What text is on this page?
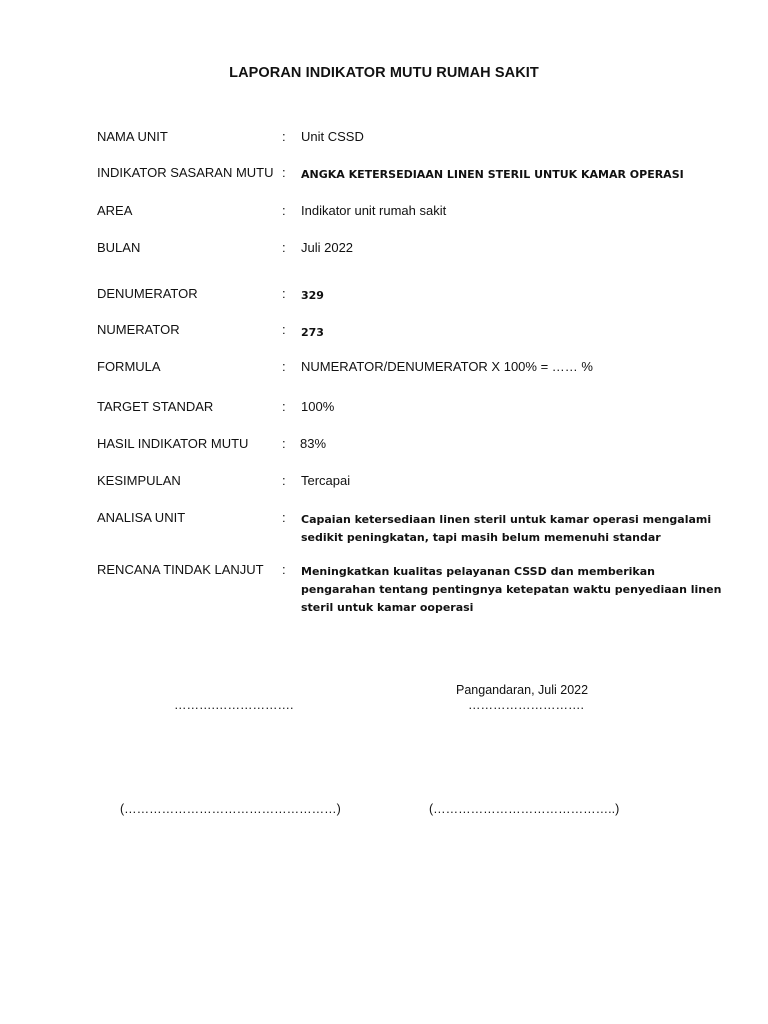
LAPORAN INDIKATOR MUTU RUMAH SAKIT
NAMA UNIT	: Unit CSSD
INDIKATOR SASARAN MUTU : ANGKA KETERSEDIAAN LINEN STERIL UNTUK KAMAR OPERASI
AREA	: Indikator unit rumah sakit
BULAN	: Juli 2022
DENUMERATOR	: 329
NUMERATOR	: 273
FORMULA	: NUMERATOR/DENUMERATOR X 100% = …… %
TARGET STANDAR	: 100%
HASIL INDIKATOR MUTU	: 83%
KESIMPULAN	: Tercapai
ANALISA UNIT	: Capaian ketersediaan linen steril untuk kamar operasi mengalami sedikit peningkatan, tapi masih belum memenuhi standar
RENCANA TINDAK LANJUT : Meningkatkan kualitas pelayanan CSSD dan memberikan pengarahan tentang pentingnya ketepatan waktu penyediaan linen steril untuk kamar ooperasi
Pangandaran, Juli 2022
……….……………….	……………………….
(……………………………………………)	(……………………………………..)
